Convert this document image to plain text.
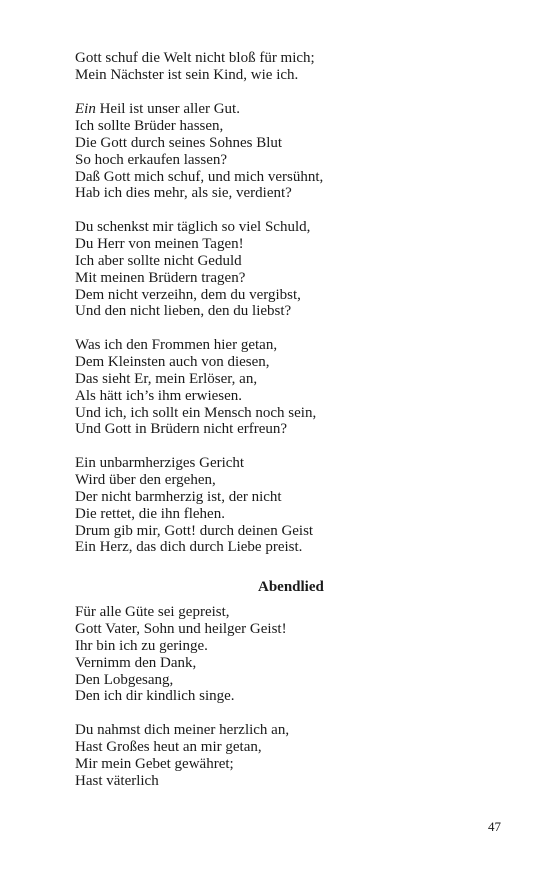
Gott schuf die Welt nicht bloß für mich;

Mein Nächster ist sein Kind, wie ich.

Ein Heil ist unser aller Gut.

Ich sollte Brüder hassen,

Die Gott durch seines Sohnes Blut

So hoch erkaufen lassen?

Daß Gott mich schuf, und mich versühnt,

Hab ich dies mehr, als sie, verdient?

Du schenkst mir täglich so viel Schuld,

Du Herr von meinen Tagen!

Ich aber sollte nicht Geduld

Mit meinen Brüdern tragen?

Dem nicht verzeihn, dem du vergibst,

Und den nicht lieben, den du liebst?

Was ich den Frommen hier getan,

Dem Kleinsten auch von diesen,

Das sieht Er, mein Erlöser, an,

Als hätt ich’s ihm erwiesen.

Und ich, ich sollt ein Mensch noch sein,

Und Gott in Brüdern nicht erfreun?

Ein unbarmherziges Gericht

Wird über den ergehen,

Der nicht barmherzig ist, der nicht

Die rettet, die ihn flehen.

Drum gib mir, Gott! durch deinen Geist

Ein Herz, das dich durch Liebe preist.

Abendlied

Für alle Güte sei gepreist,

Gott Vater, Sohn und heilger Geist!

Ihr bin ich zu geringe.

Vernimm den Dank,

Den Lobgesang,

Den ich dir kindlich singe.

Du nahmst dich meiner herzlich an,

Hast Großes heut an mir getan,

Mir mein Gebet gewähret;

Hast väterlich

47
